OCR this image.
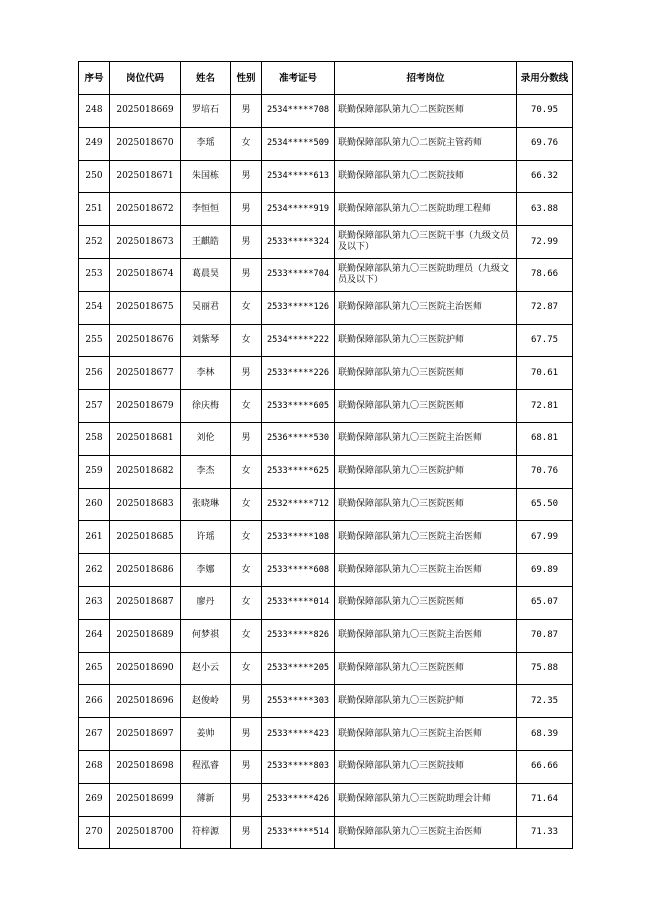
序号	岗位代码	姓名	性别	准考证号	招考岗位	录用分数线
248	2025018669	罗培石	男	2534*****708	联勤保障部队第九〇二医院医师	70.95
249	2025018670	李瑶	女	2534*****509	联勤保障部队第九〇二医院主管药师	69.76
250	2025018671	朱国栋	男	2534*****613	联勤保障部队第九〇二医院技师	66.32
251	2025018672	李恒恒	男	2534*****919	联勤保障部队第九〇二医院助理工程师	63.88
252	2025018673	王麒皓	男	2533*****324	联勤保障部队第九〇三医院干事（九级文员及以下）	72.99
253	2025018674	葛晨昊	男	2533*****704	联勤保障部队第九〇三医院助理员（九级文员及以下）	78.66
254	2025018675	吴丽君	女	2533*****126	联勤保障部队第九〇三医院主治医师	72.87
255	2025018676	刘紫琴	女	2534*****222	联勤保障部队第九〇三医院护师	67.75
256	2025018677	李林	男	2533*****226	联勤保障部队第九〇三医院医师	70.61
257	2025018679	徐庆梅	女	2533*****605	联勤保障部队第九〇三医院医师	72.81
258	2025018681	刘伦	男	2536*****530	联勤保障部队第九〇三医院主治医师	68.81
259	2025018682	李杰	女	2533*****625	联勤保障部队第九〇三医院护师	70.76
260	2025018683	张晓琳	女	2532*****712	联勤保障部队第九〇三医院医师	65.50
261	2025018685	许瑶	女	2533*****108	联勤保障部队第九〇三医院主治医师	67.99
262	2025018686	李娜	女	2533*****608	联勤保障部队第九〇三医院主治医师	69.89
263	2025018687	廖丹	女	2533*****014	联勤保障部队第九〇三医院医师	65.07
264	2025018689	何梦祺	女	2533*****826	联勤保障部队第九〇三医院主治医师	70.87
265	2025018690	赵小云	女	2533*****205	联勤保障部队第九〇三医院医师	75.88
266	2025018696	赵俊岭	男	2553*****303	联勤保障部队第九〇三医院护师	72.35
267	2025018697	姜帅	男	2533*****423	联勤保障部队第九〇三医院主治医师	68.39
268	2025018698	程泓睿	男	2533*****803	联勤保障部队第九〇三医院技师	66.66
269	2025018699	薄新	男	2533*****426	联勤保障部队第九〇三医院助理会计师	71.64
270	2025018700	符梓源	男	2533*****514	联勤保障部队第九〇三医院主治医师	71.33
